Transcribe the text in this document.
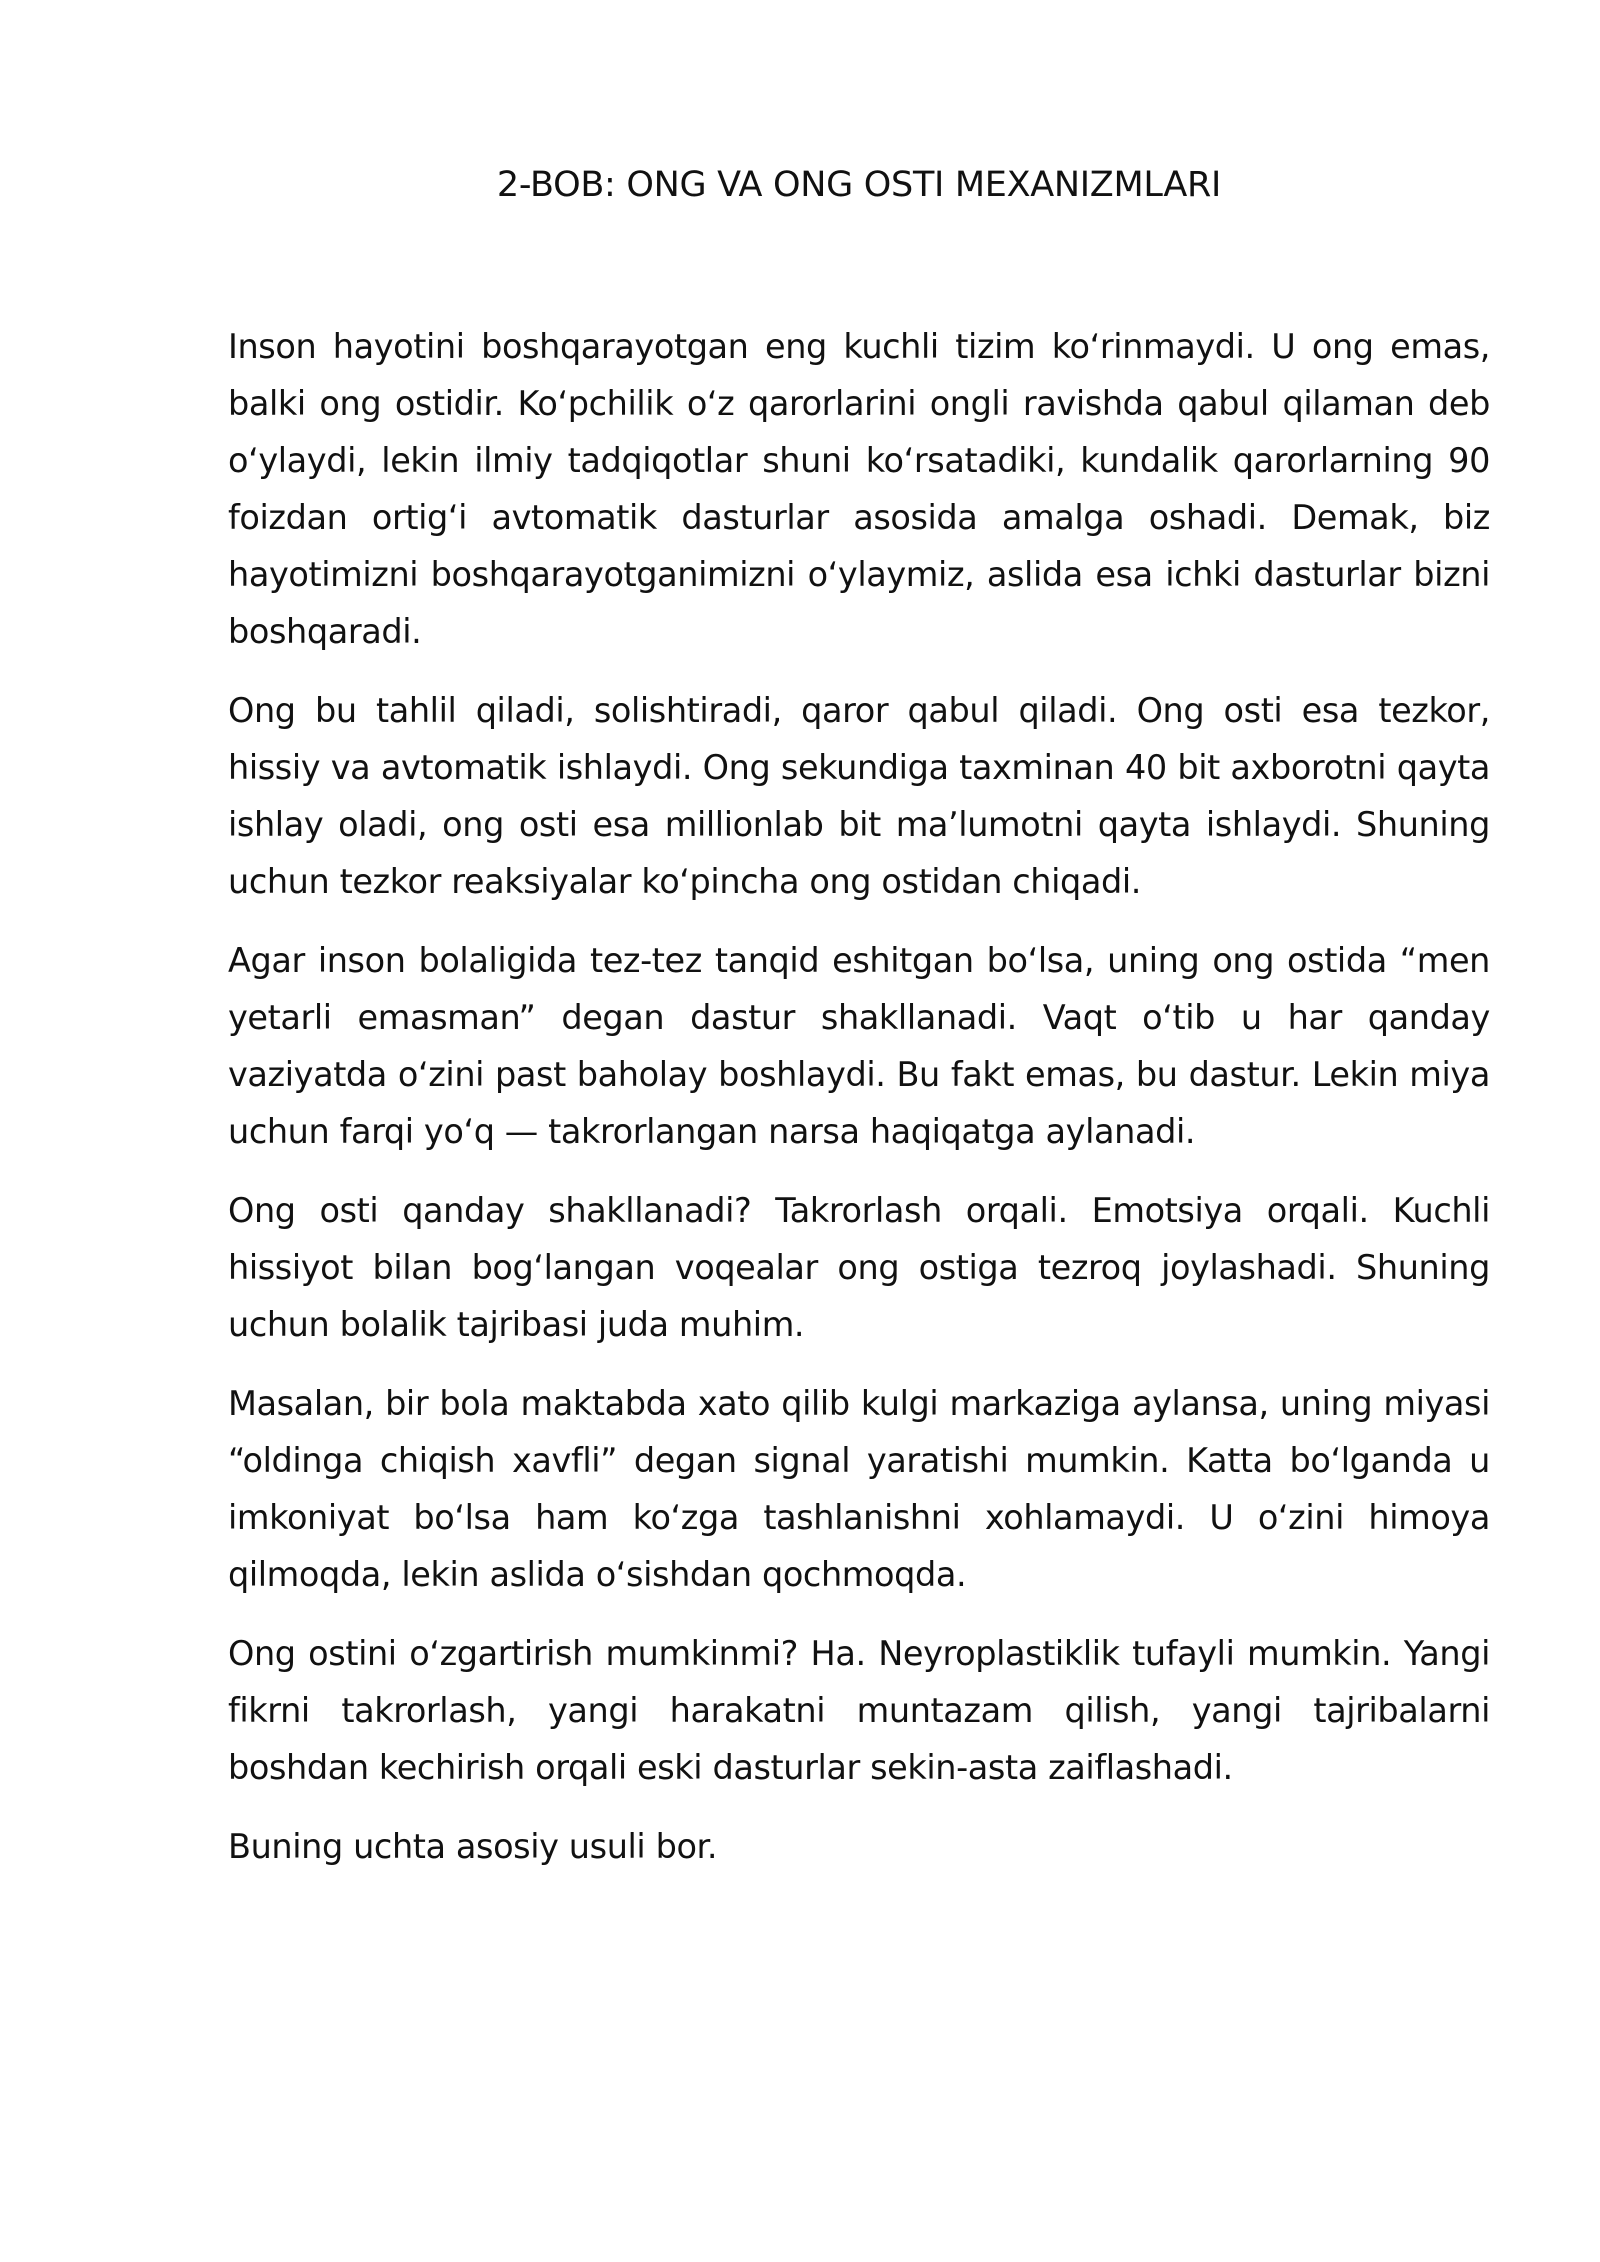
2-BOB: ONG VA ONG OSTI MEXANIZMLARI

Inson hayotini boshqarayotgan eng kuchli tizim ko‘rinmaydi. U ong emas, balki ong ostidir. Ko‘pchilik o‘z qarorlarini ongli ravishda qabul qilaman deb o‘ylaydi, lekin ilmiy tadqiqotlar shuni ko‘rsatadiki, kundalik qarorlarning 90 foizdan ortig‘i avtomatik dasturlar asosida amalga oshadi. Demak, biz hayotimizni boshqarayotganimizni o‘ylaymiz, aslida esa ichki dasturlar bizni boshqaradi.

Ong bu tahlil qiladi, solishtiradi, qaror qabul qiladi. Ong osti esa tezkor, hissiy va avtomatik ishlaydi. Ong sekundiga taxminan 40 bit axborotni qayta ishlay oladi, ong osti esa millionlab bit ma’lumotni qayta ishlaydi. Shuning uchun tezkor reaksiyalar ko‘pincha ong ostidan chiqadi.

Agar inson bolaligida tez-tez tanqid eshitgan bo‘lsa, uning ong ostida “men yetarli emasman” degan dastur shakllanadi. Vaqt o‘tib u har qanday vaziyatda o‘zini past baholay boshlaydi. Bu fakt emas, bu dastur. Lekin miya uchun farqi yo‘q — takrorlangan narsa haqiqatga aylanadi.

Ong osti qanday shakllanadi? Takrorlash orqali. Emotsiya orqali. Kuchli hissiyot bilan bog‘langan voqealar ong ostiga tezroq joylashadi. Shuning uchun bolalik tajribasi juda muhim.

Masalan, bir bola maktabda xato qilib kulgi markaziga aylansa, uning miyasi “oldinga chiqish xavfli” degan signal yaratishi mumkin. Katta bo‘lganda u imkoniyat bo‘lsa ham ko‘zga tashlanishni xohlamaydi. U o‘zini himoya qilmoqda, lekin aslida o‘sishdan qochmoqda.

Ong ostini o‘zgartirish mumkinmi? Ha. Neyroplastiklik tufayli mumkin. Yangi fikrni takrorlash, yangi harakatni muntazam qilish, yangi tajribalarni boshdan kechirish orqali eski dasturlar sekin-asta zaiflashadi.

Buning uchta asosiy usuli bor.
